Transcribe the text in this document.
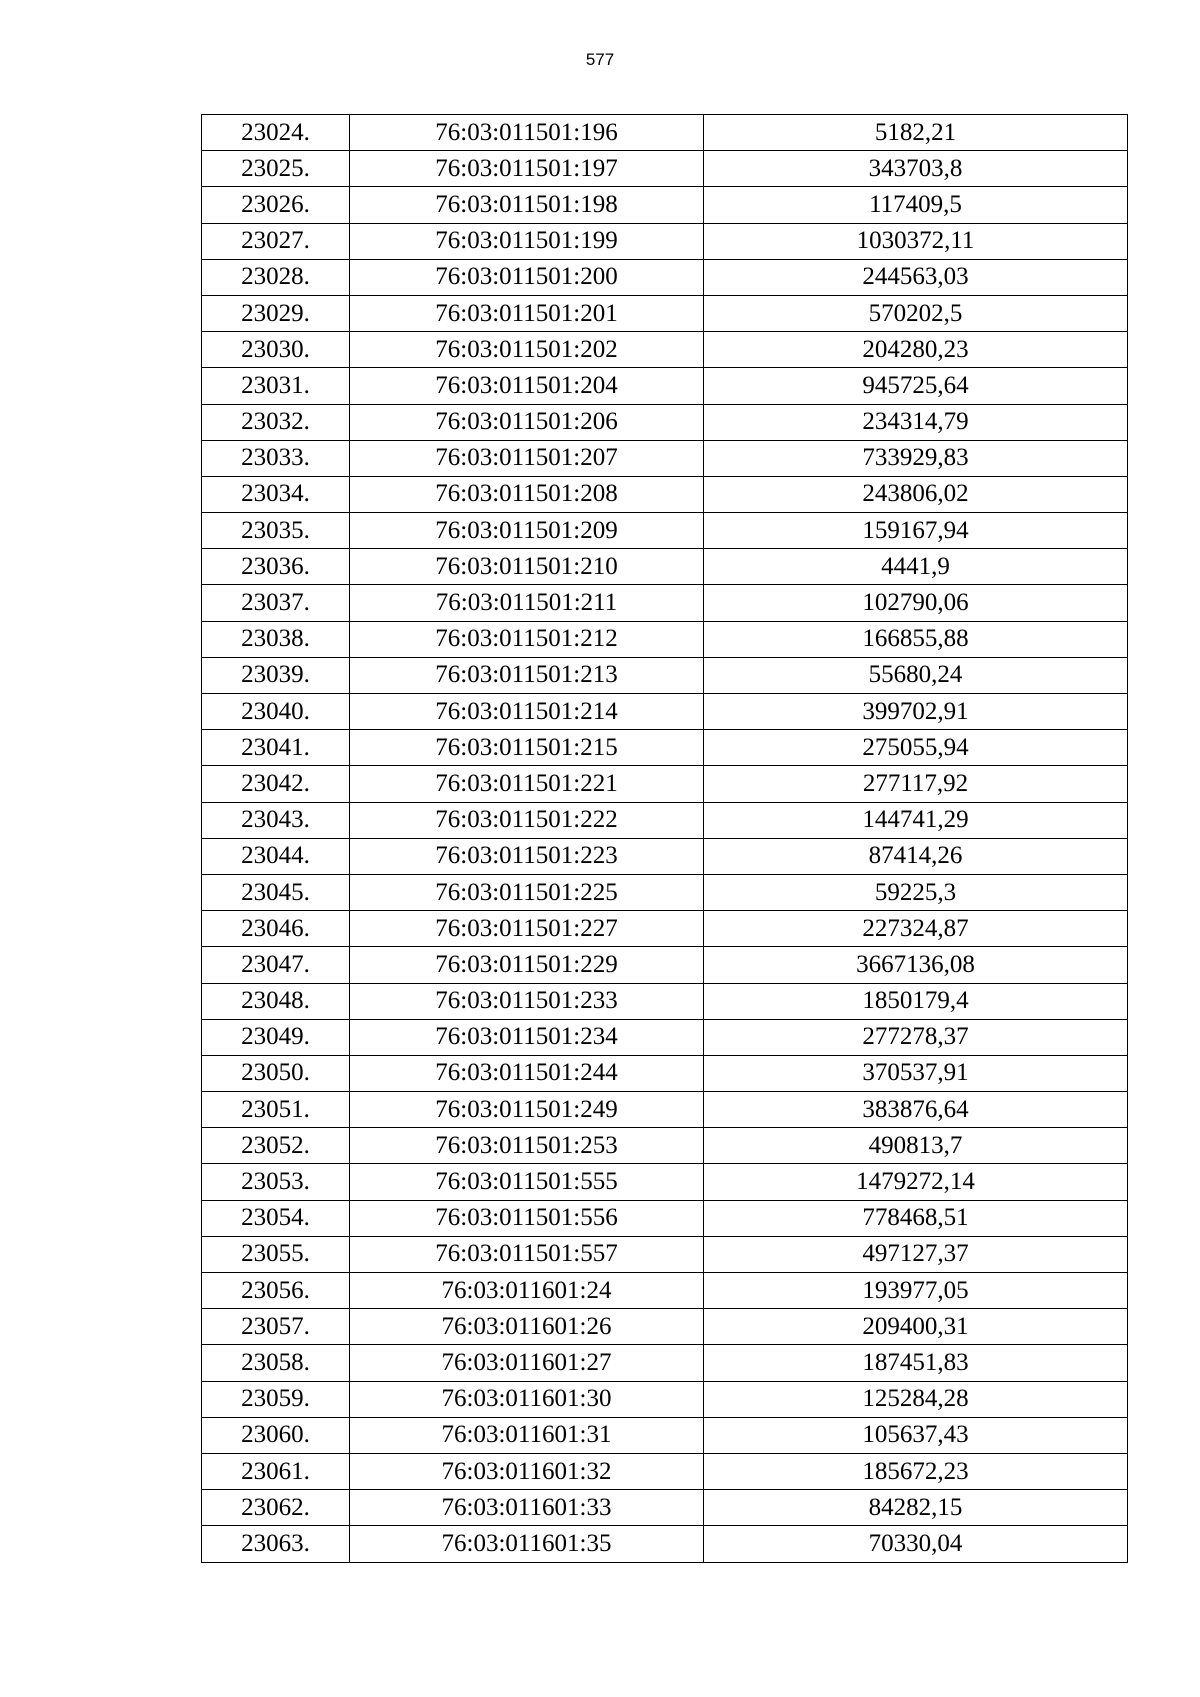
577
23024.	76:03:011501:196	5182,21
23025.	76:03:011501:197	343703,8
23026.	76:03:011501:198	117409,5
23027.	76:03:011501:199	1030372,11
23028.	76:03:011501:200	244563,03
23029.	76:03:011501:201	570202,5
23030.	76:03:011501:202	204280,23
23031.	76:03:011501:204	945725,64
23032.	76:03:011501:206	234314,79
23033.	76:03:011501:207	733929,83
23034.	76:03:011501:208	243806,02
23035.	76:03:011501:209	159167,94
23036.	76:03:011501:210	4441,9
23037.	76:03:011501:211	102790,06
23038.	76:03:011501:212	166855,88
23039.	76:03:011501:213	55680,24
23040.	76:03:011501:214	399702,91
23041.	76:03:011501:215	275055,94
23042.	76:03:011501:221	277117,92
23043.	76:03:011501:222	144741,29
23044.	76:03:011501:223	87414,26
23045.	76:03:011501:225	59225,3
23046.	76:03:011501:227	227324,87
23047.	76:03:011501:229	3667136,08
23048.	76:03:011501:233	1850179,4
23049.	76:03:011501:234	277278,37
23050.	76:03:011501:244	370537,91
23051.	76:03:011501:249	383876,64
23052.	76:03:011501:253	490813,7
23053.	76:03:011501:555	1479272,14
23054.	76:03:011501:556	778468,51
23055.	76:03:011501:557	497127,37
23056.	76:03:011601:24	193977,05
23057.	76:03:011601:26	209400,31
23058.	76:03:011601:27	187451,83
23059.	76:03:011601:30	125284,28
23060.	76:03:011601:31	105637,43
23061.	76:03:011601:32	185672,23
23062.	76:03:011601:33	84282,15
23063.	76:03:011601:35	70330,04
